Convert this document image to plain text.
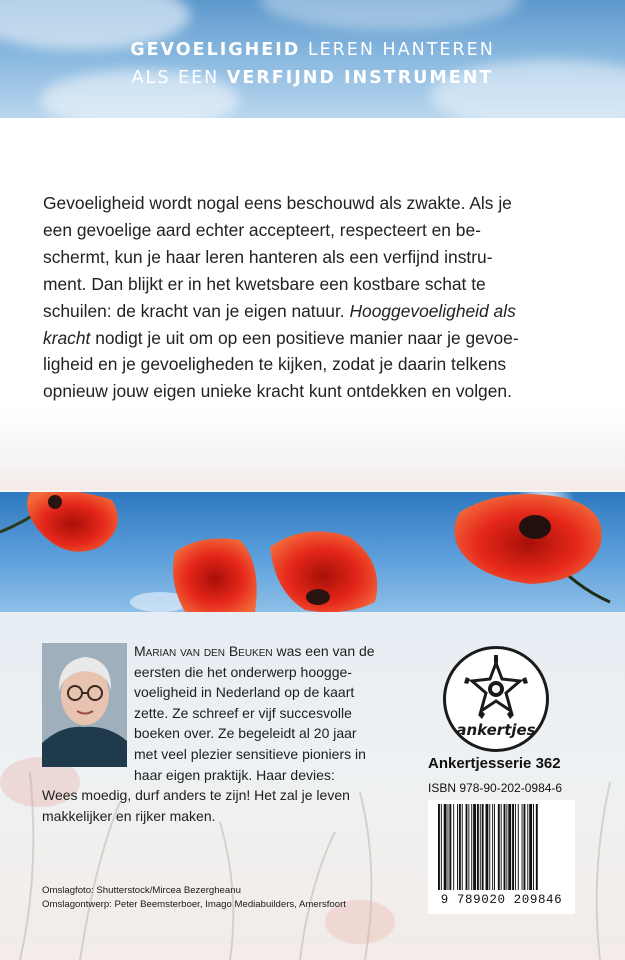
GEVOELIGHEID LEREN HANTEREN
ALS EEN VERFIJND INSTRUMENT

Gevoeligheid wordt nogal eens beschouwd als zwakte. Als je
een gevoelige aard echter accepteert, respecteert en be-
schermt, kun je haar leren hanteren als een verfijnd instru-
ment. Dan blijkt er in het kwetsbare een kostbare schat te
schuilen: de kracht van je eigen natuur. Hooggevoeligheid als
kracht nodigt je uit om op een positieve manier naar je gevoe-
ligheid en je gevoeligheden te kijken, zodat je daarin telkens
opnieuw jouw eigen unieke kracht kunt ontdekken en volgen.

Marian van den Beuken was een van de
eersten die het onderwerp hoogge-
voeligheid in Nederland op de kaart
zette. Ze schreef er vijf succesvolle
boeken over. Ze begeleidt al 20 jaar
met veel plezier sensitieve pioniers in
haar eigen praktijk. Haar devies:
Wees moedig, durf anders te zijn! Het zal je leven
makkelijker en rijker maken.
ankertjes
Ankertjesserie 362
ISBN 978-90-202-0984-6
9 789020 209846
Omslagfoto: Shutterstock/Mircea Bezergheanu
Omslagontwerp: Peter Beemsterboer, Imago Mediabuilders, Amersfoort
